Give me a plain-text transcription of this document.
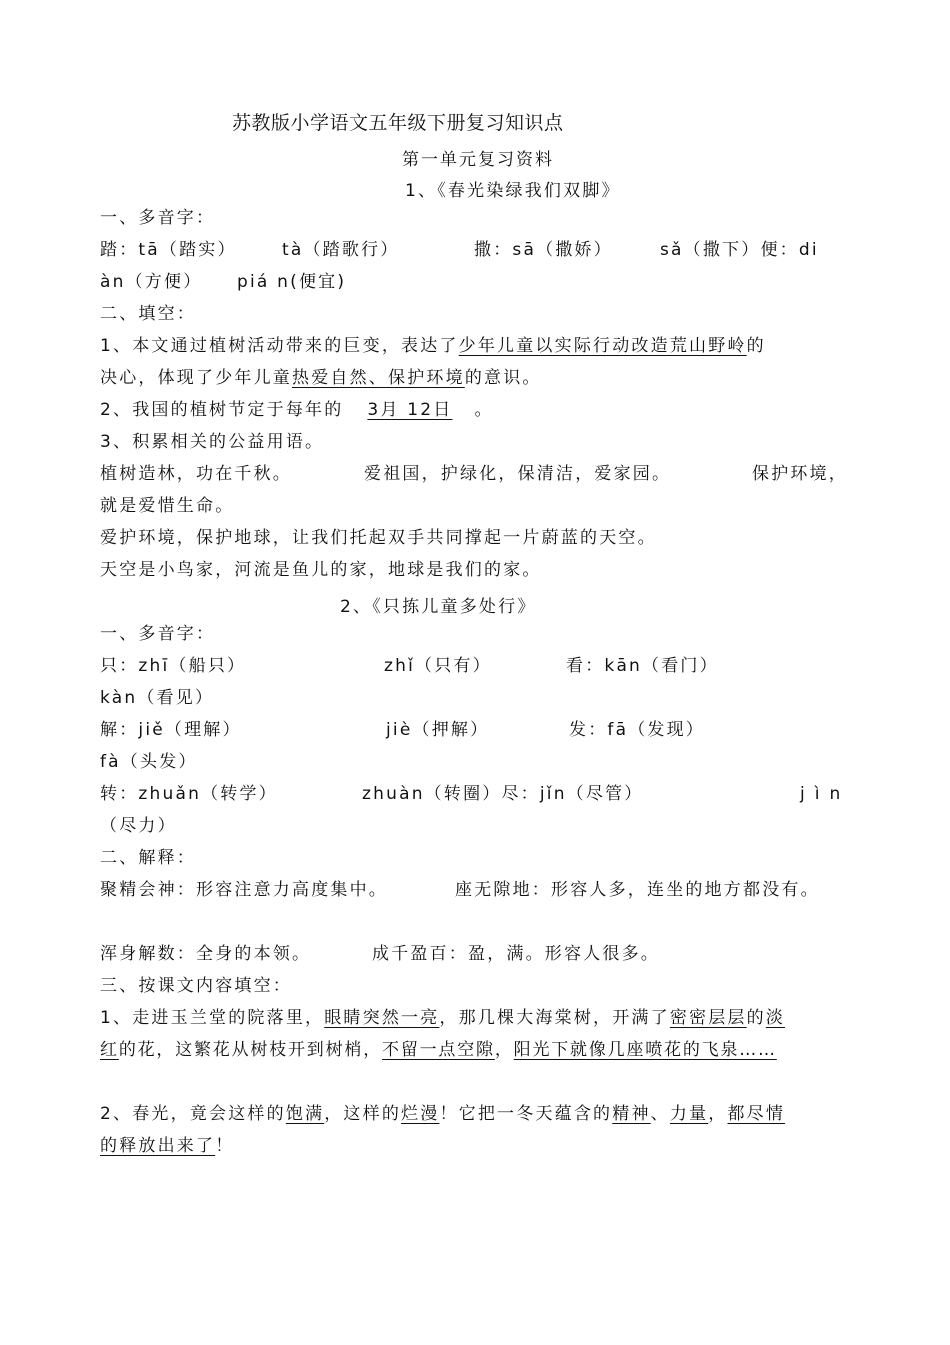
苏教版小学语文五年级下册复习知识点
第一单元复习资料
1、《春光染绿我们双脚》
一、多音字：
踏：tā（踏实）	tà（踏歌行）	撒：sā（撒娇）	sǎ（撒下）便：di
àn（方便） piá n(便宜)
二、填空：
1、本文通过植树活动带来的巨变，表达了少年儿童以实际行动改造荒山野岭的
决心，体现了少年儿童热爱自然、保护环境的意识。
2、我国的植树节定于每年的 3月 12日 。
3、积累相关的公益用语。
植树造林，功在千秋。	爱祖国，护绿化，保清洁，爱家园。	保护环境，
就是爱惜生命。
爱护环境，保护地球，让我们托起双手共同撑起一片蔚蓝的天空。
天空是小鸟家，河流是鱼儿的家，地球是我们的家。
2、《只拣儿童多处行》
一、多音字：
只：zhī（船只）	zhǐ（只有）	看：kān（看门）
kàn（看见）
解：jiě（理解）	jiè（押解）	发：fā（发现）
fà（头发）
转：zhuǎn（转学）	zhuàn（转圈）尽：jǐn（尽管）	jìn
（尽力）
二、解释：
聚精会神：形容注意力高度集中。	座无隙地：形容人多，连坐的地方都没有。
浑身解数：全身的本领。	成千盈百：盈，满。形容人很多。
三、按课文内容填空：
1、走进玉兰堂的院落里，眼睛突然一亮，那几棵大海棠树，开满了密密层层的淡
红的花，这繁花从树枝开到树梢，不留一点空隙，阳光下就像几座喷花的飞泉……
2、春光，竟会这样的饱满，这样的烂漫！它把一冬天蕴含的精神、力量，都尽情
的释放出来了！
